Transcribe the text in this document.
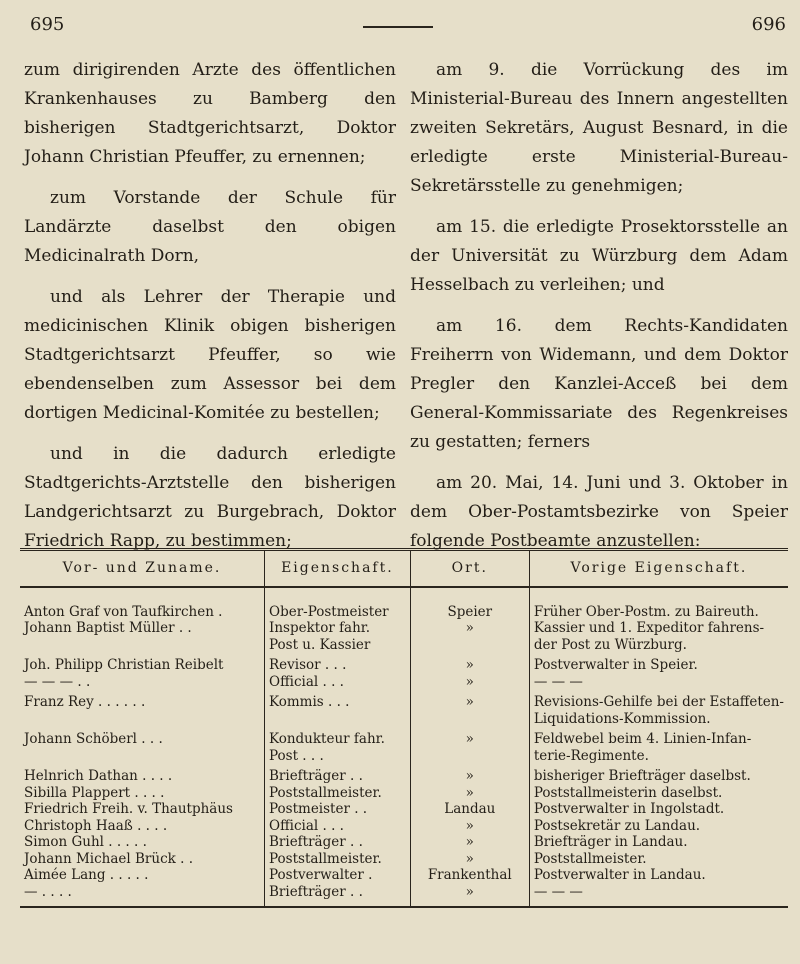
695	696

zum dirigirenden Arzte des öffentlichen Krankenhauses zu Bamberg den bisherigen Stadtgerichtsarzt, Doktor Johann Christian Pfeuffer, zu ernennen;

zum Vorstande der Schule für Landärzte daselbst den obigen Medicinalrath Dorn,

und als Lehrer der Therapie und medicinischen Klinik obigen bisherigen Stadtgerichtsarzt Pfeuffer, so wie ebendenselben zum Assessor bei dem dortigen Medicinal-Komitée zu bestellen;

und in die dadurch erledigte Stadtgerichts-Arztstelle den bisherigen Landgerichtsarzt zu Burgebrach, Doktor Friedrich Rapp, zu bestimmen;

am 9. die Vorrückung des im Ministerial-Bureau des Innern angestellten zweiten Sekretärs, August Besnard, in die erledigte erste Ministerial-Bureau-Sekretärsstelle zu genehmigen;

am 15. die erledigte Prosektorsstelle an der Universität zu Würzburg dem Adam Hesselbach zu verleihen; und

am 16. dem Rechts-Kandidaten Freiherrn von Widemann, und dem Doktor Pregler den Kanzlei-Acceß bei dem General-Kommissariate des Regenkreises zu gestatten; ferners

am 20. Mai, 14. Juni und 3. Oktober in dem Ober-Postamtsbezirke von Speier folgende Postbeamte anzustellen:

Vor- und Zuname.	Eigenschaft.	Ort.	Vorige Eigenschaft.
Anton Graf von Taufkirchen .	Ober-Postmeister	Speier	Früher Ober-Postm. zu Baireuth.
Johann Baptist Müller . .	Inspektor fahr.	»	Kassier und 1. Expeditor fahrens-
	Post u. Kassier		der Post zu Würzburg.
Joh. Philipp Christian Reibelt	Revisor . . .	»	Postverwalter in Speier.
— — — . .	Official . . .	»	— — —
Franz Rey . . . . . .	Kommis . . .	»	Revisions-Gehilfe bei der Estaffeten-
			Liquidations-Kommission.
Johann Schöberl . . .	Kondukteur fahr.	»	Feldwebel beim 4. Linien-Infan-
	Post . . .		terie-Regimente.
Helnrich Dathan . . . .	Briefträger . .	»	bisheriger Briefträger daselbst.
Sibilla Plappert . . . .	Poststallmeister.	»	Poststallmeisterin daselbst.
Friedrich Freih. v. Thautphäus	Postmeister . .	Landau	Postverwalter in Ingolstadt.
Christoph Haaß . . . .	Official . . .	»	Postsekretär zu Landau.
Simon Guhl . . . . .	Briefträger . .	»	Briefträger in Landau.
Johann Michael Brück . .	Poststallmeister.	»	Poststallmeister.
Aimée Lang . . . . .	Postverwalter .	Frankenthal	Postverwalter in Landau.
— . . . .	Briefträger . .	»	— — —
